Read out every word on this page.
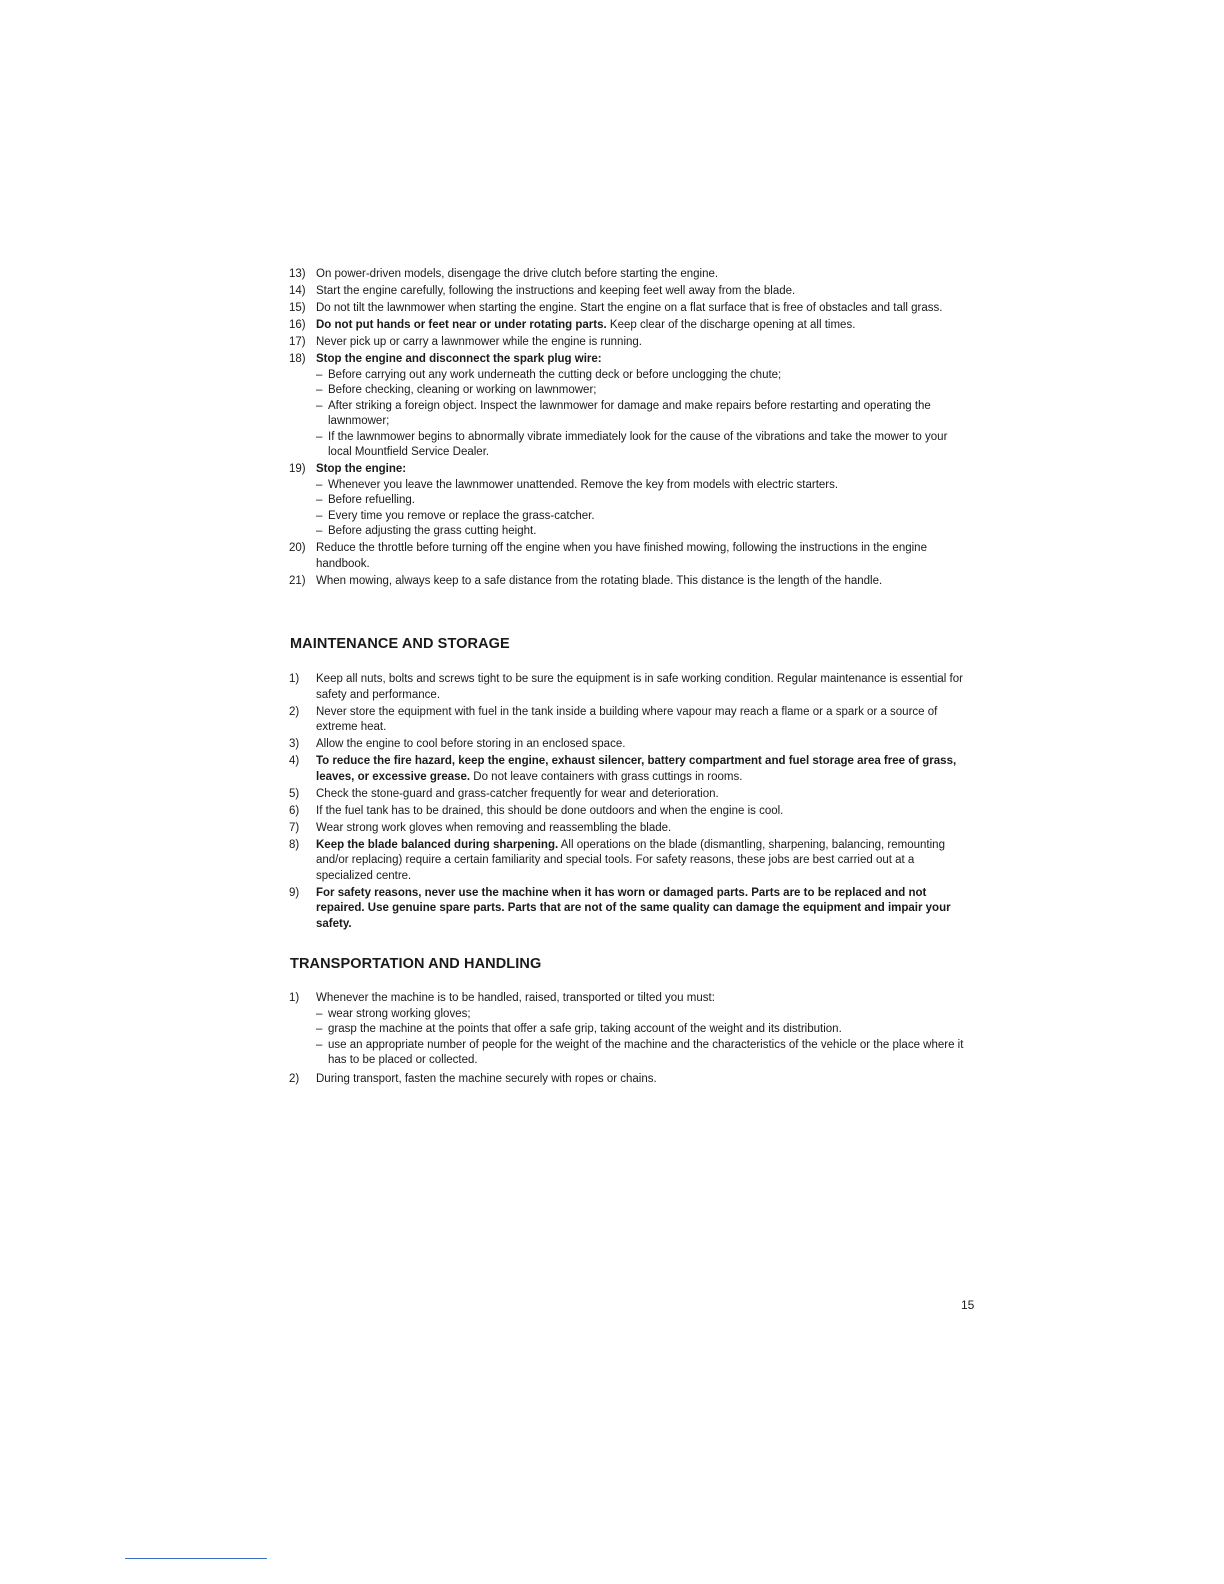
13) On power-driven models, disengage the drive clutch before starting the engine.
14) Start the engine carefully, following the instructions and keeping feet well away from the blade.
15) Do not tilt the lawnmower when starting the engine. Start the engine on a flat surface that is free of obstacles and tall grass.
16) Do not put hands or feet near or under rotating parts. Keep clear of the discharge opening at all times.
17) Never pick up or carry a lawnmower while the engine is running.
18) Stop the engine and disconnect the spark plug wire:
– Before carrying out any work underneath the cutting deck or before unclogging the chute;
– Before checking, cleaning or working on lawnmower;
– After striking a foreign object. Inspect the lawnmower for damage and make repairs before restarting and operating the lawnmower;
– If the lawnmower begins to abnormally vibrate immediately look for the cause of the vibrations and take the mower to your local Mountfield Service Dealer.
19) Stop the engine:
– Whenever you leave the lawnmower unattended. Remove the key from models with electric starters.
– Before refuelling.
– Every time you remove or replace the grass-catcher.
– Before adjusting the grass cutting height.
20) Reduce the throttle before turning off the engine when you have finished mowing, following the instructions in the engine handbook.
21) When mowing, always keep to a safe distance from the rotating blade. This distance is the length of the handle.
MAINTENANCE AND STORAGE
1) Keep all nuts, bolts and screws tight to be sure the equipment is in safe working condition. Regular maintenance is essential for safety and performance.
2) Never store the equipment with fuel in the tank inside a building where vapour may reach a flame or a spark or a source of extreme heat.
3) Allow the engine to cool before storing in an enclosed space.
4) To reduce the fire hazard, keep the engine, exhaust silencer, battery compartment and fuel storage area free of grass, leaves, or excessive grease. Do not leave containers with grass cuttings in rooms.
5) Check the stone-guard and grass-catcher frequently for wear and deterioration.
6) If the fuel tank has to be drained, this should be done outdoors and when the engine is cool.
7) Wear strong work gloves when removing and reassembling the blade.
8) Keep the blade balanced during sharpening. All operations on the blade (dismantling, sharpening, balancing, remounting and/or replacing) require a certain familiarity and special tools. For safety reasons, these jobs are best carried out at a specialized centre.
9) For safety reasons, never use the machine when it has worn or damaged parts. Parts are to be replaced and not repaired. Use genuine spare parts. Parts that are not of the same quality can damage the equipment and impair your safety.
TRANSPORTATION AND HANDLING
1) Whenever the machine is to be handled, raised, transported or tilted you must:
– wear strong working gloves;
– grasp the machine at the points that offer a safe grip, taking account of the weight and its distribution.
– use an appropriate number of people for the weight of the machine and the characteristics of the vehicle or the place where it has to be placed or collected.
2) During transport, fasten the machine securely with ropes or chains.
15
